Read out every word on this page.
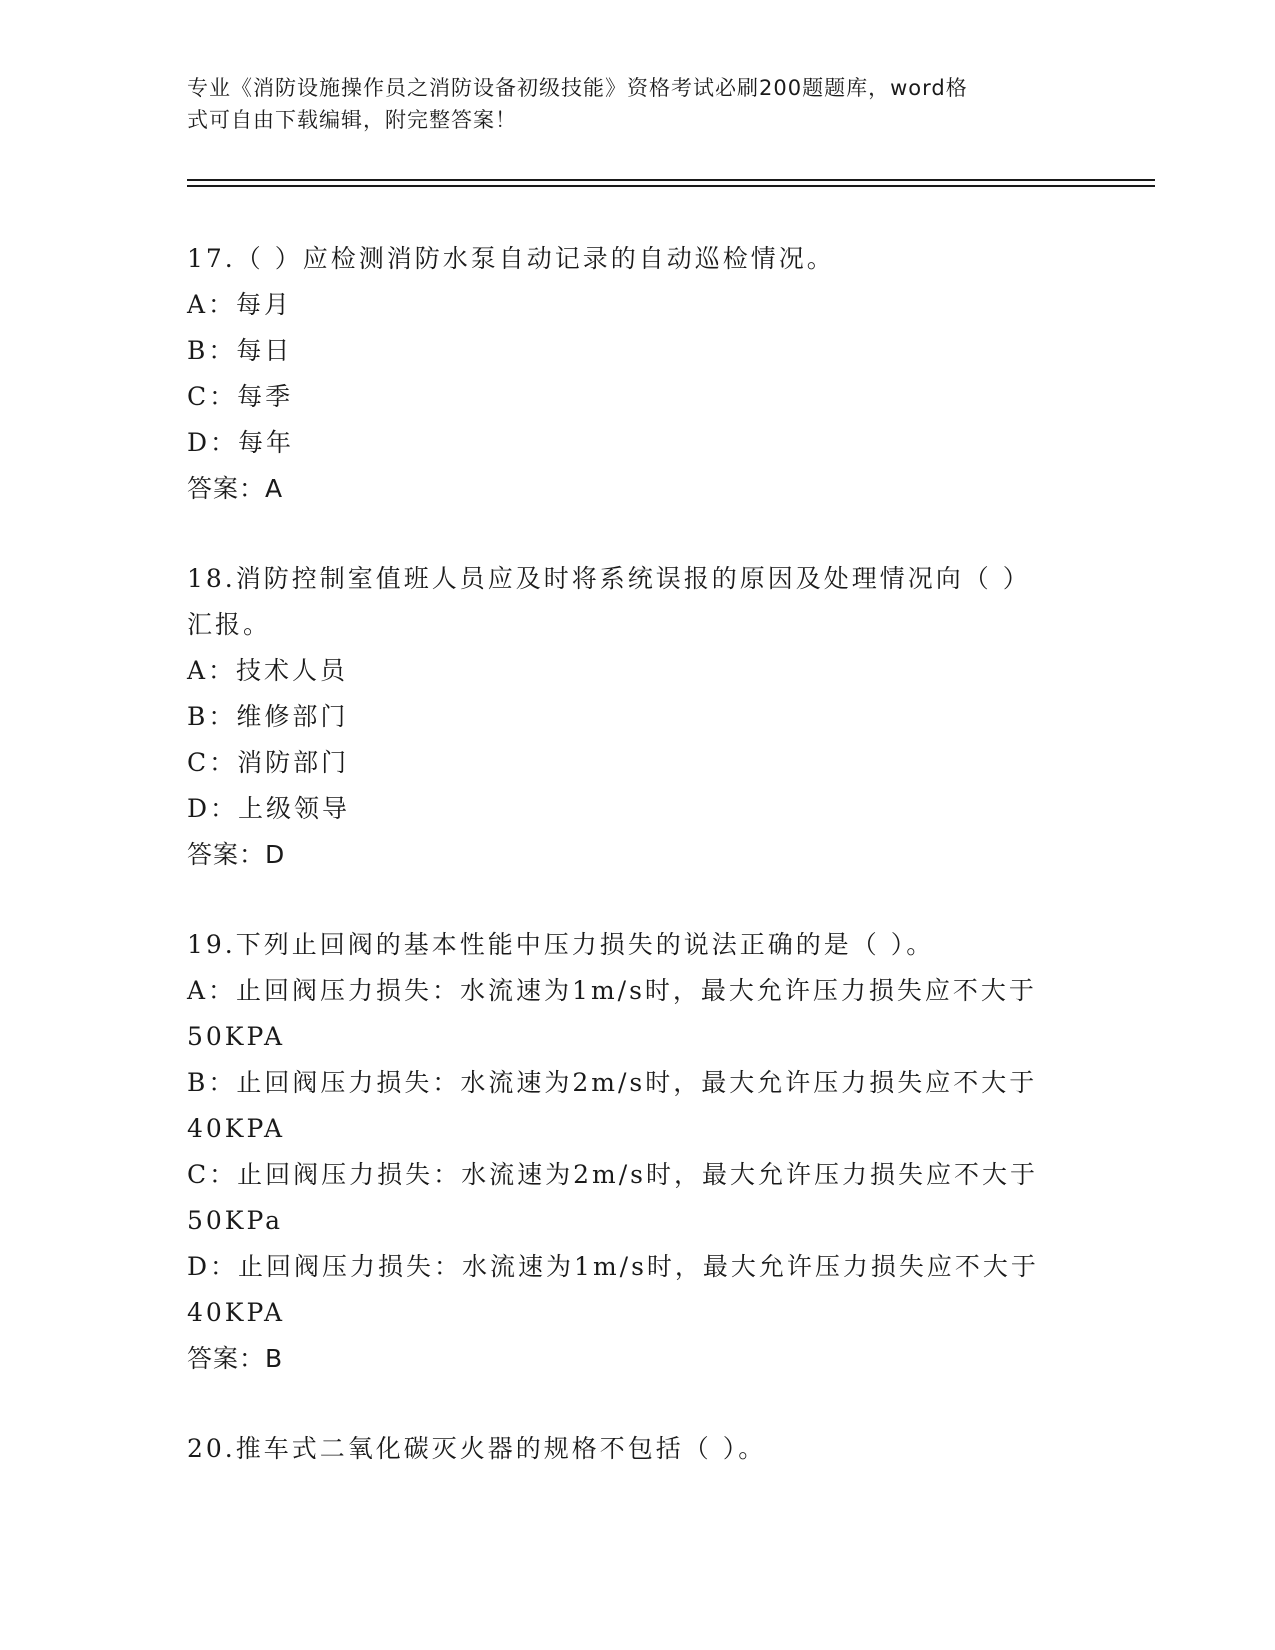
专业《消防设施操作员之消防设备初级技能》资格考试必刷200题题库，word格
式可自由下载编辑，附完整答案！
17.（ ）应检测消防水泵自动记录的自动巡检情况。
A：每月
B：每日
C：每季
D：每年
答案：A
18.消防控制室值班人员应及时将系统误报的原因及处理情况向（ ）
汇报。
A：技术人员
B：维修部门
C：消防部门
D：上级领导
答案：D
19.下列止回阀的基本性能中压力损失的说法正确的是（ ）。
A：止回阀压力损失：水流速为1m/s时，最大允许压力损失应不大于
50KPA
B：止回阀压力损失：水流速为2m/s时，最大允许压力损失应不大于
40KPA
C：止回阀压力损失：水流速为2m/s时，最大允许压力损失应不大于
50KPa
D：止回阀压力损失：水流速为1m/s时，最大允许压力损失应不大于
40KPA
答案：B
20.推车式二氧化碳灭火器的规格不包括（ ）。
